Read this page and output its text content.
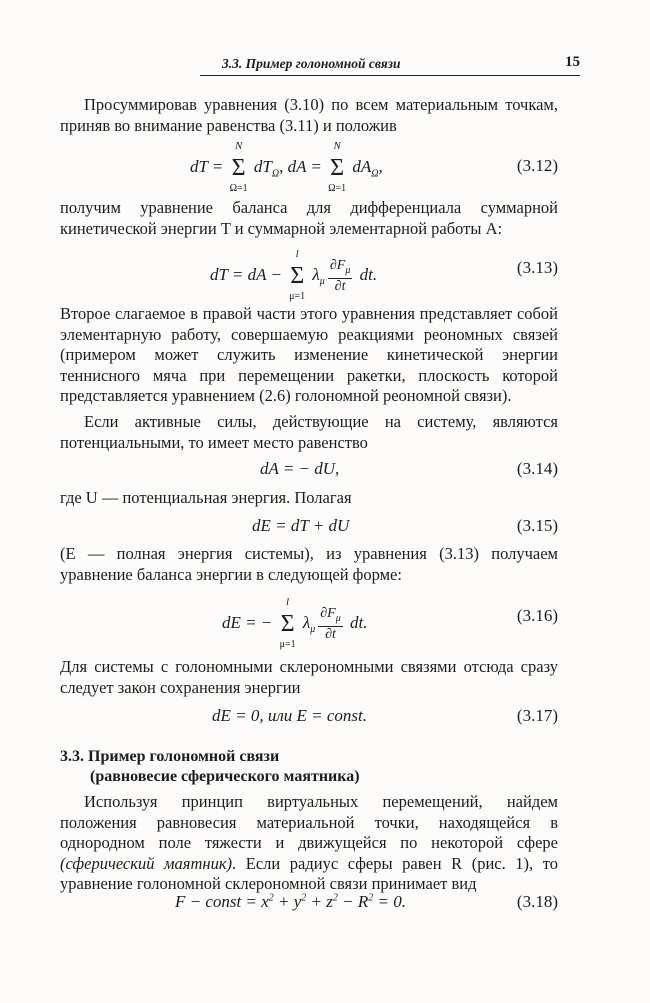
3.3. Пример голономной связи	15

Просуммировав уравнения (3.10) по всем материальным точкам, приняв во внимание равенства (3.11) и положив

dT = Σ
N
Ω=1
$dT_\Omega$, dA = Σ
N
Ω=1
$dA_\Omega$,	(3.12)

получим уравнение баланса для дифференциала суммарной кинетической энергии T и суммарной элементарной работы A:

dT = dA − Σ
l
μ=1
$\lambda_\mu \frac{\partial F_\mu}{\partial t}$ dt.	(3.13)

Второе слагаемое в правой части этого уравнения представляет собой элементарную работу, совершаемую реакциями реономных связей (примером может служить изменение кинетической энергии теннисного мяча при перемещении ракетки, плоскость которой представляется уравнением (2.6) голономной реономной связи).

Если активные силы, действующие на систему, являются потенциальными, то имеет место равенство

dA = − dU,	(3.14)

где U — потенциальная энергия. Полагая

dE = dT + dU	(3.15)

(E — полная энергия системы), из уравнения (3.13) получаем уравнение баланса энергии в следующей форме:

dE = − Σ
l
μ=1
$\lambda_\mu \frac{\partial F_\mu}{\partial t}$ dt.	(3.16)

Для системы с голономными склерономными связями отсюда сразу следует закон сохранения энергии

dE = 0, или E = const.	(3.17)
3.3. Пример голономной связи
(равновесие сферического маятника)

Используя принцип виртуальных перемещений, найдем положения равновесия материальной точки, находящейся в однородном поле тяжести и движущейся по некоторой сфере (сферический маятник). Если радиус сферы равен R (рис. 1), то уравнение голономной склерономной связи принимает вид

F − const = $x^2 + y^2 + z^2 - R^2 = 0$.	(3.18)
